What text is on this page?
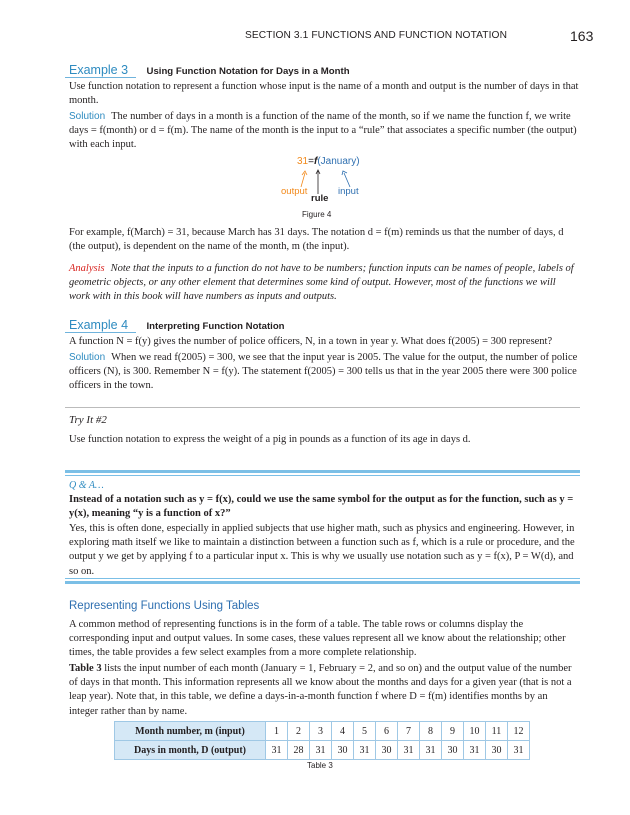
SECTION 3.1 FUNCTIONS AND FUNCTION NOTATION	163
Example 3 Using Function Notation for Days in a Month

Use function notation to represent a function whose input is the name of a month and output is the number of days in that month.

Solution The number of days in a month is a function of the name of the month, so if we name the function f, we write days = f(month) or d = f(m). The name of the month is the input to a “rule” that associates a specific number (the output) with each input.

31=f(January)
output
rule
input
Figure 4

For example, f(March) = 31, because March has 31 days. The notation d = f(m) reminds us that the number of days, d (the output), is dependent on the name of the month, m (the input).

Analysis Note that the inputs to a function do not have to be numbers; function inputs can be names of people, labels of geometric objects, or any other element that determines some kind of output. However, most of the functions we will work with in this book will have numbers as inputs and outputs.

Example 4 Interpreting Function Notation

A function N = f(y) gives the number of police officers, N, in a town in year y. What does f(2005) = 300 represent?

Solution When we read f(2005) = 300, we see that the input year is 2005. The value for the output, the number of police officers (N), is 300. Remember N = f(y). The statement f(2005) = 300 tells us that in the year 2005 there were 300 police officers in the town.

Try It #2
Use function notation to express the weight of a pig in pounds as a function of its age in days d.
Q & A…

Instead of a notation such as y = f(x), could we use the same symbol for the output as for the function, such as y = y(x), meaning “y is a function of x?”

Yes, this is often done, especially in applied subjects that use higher math, such as physics and engineering. However, in exploring math itself we like to maintain a distinction between a function such as f, which is a rule or procedure, and the output y we get by applying f to a particular input x. This is why we usually use notation such as y = f(x), P = W(d), and so on.

Representing Functions Using Tables

A common method of representing functions is in the form of a table. The table rows or columns display the corresponding input and output values. In some cases, these values represent all we know about the relationship; other times, the table provides a few select examples from a more complete relationship.

Table 3 lists the input number of each month (January = 1, February = 2, and so on) and the output value of the number of days in that month. This information represents all we know about the months and days for a given year (that is not a leap year). Note that, in this table, we define a days-in-a-month function f where D = f(m) identifies months by an integer rather than by name.

Month number, m (input)	1	2	3	4	5	6	7	8	9	10	11	12
Days in month, D (output)	31	28	31	30	31	30	31	31	30	31	30	31
Table 3
